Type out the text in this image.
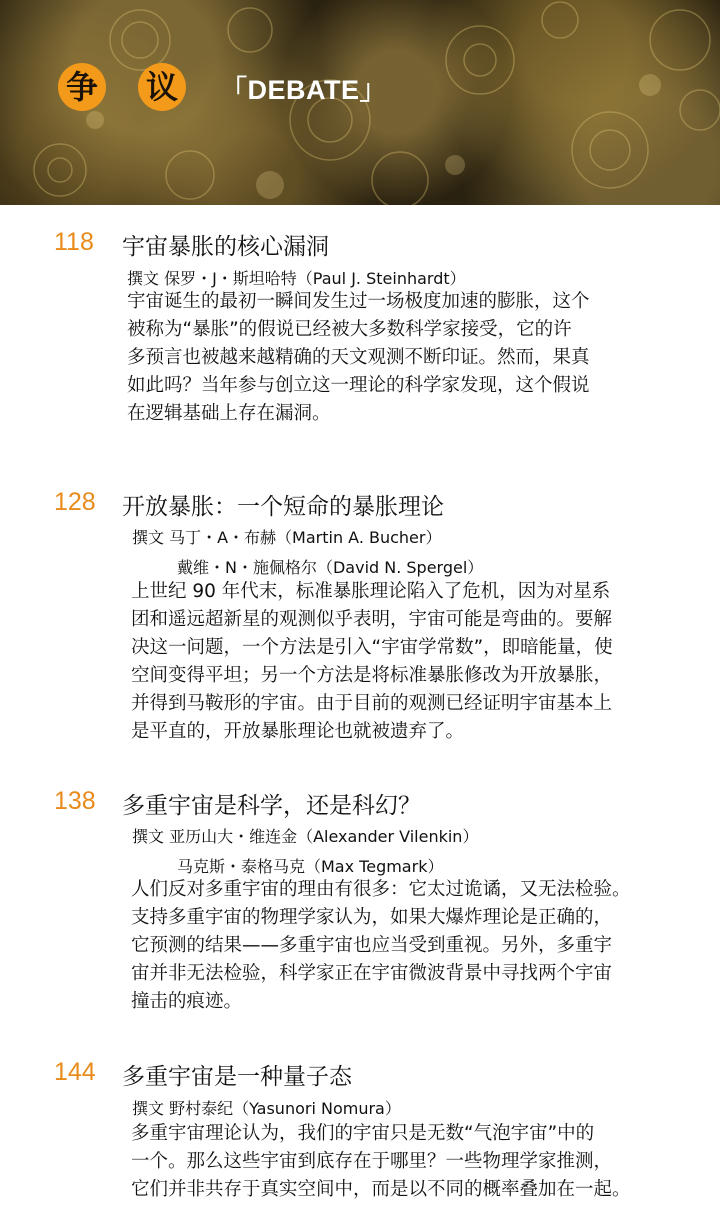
争 议 「DEBATE」
118 宇宙暴胀的核心漏洞
撰文 保罗・J・斯坦哈特（Paul J. Steinhardt）

宇宙诞生的最初一瞬间发生过一场极度加速的膨胀，这个

被称为“暴胀”的假说已经被大多数科学家接受，它的许

多预言也被越来越精确的天文观测不断印证。然而，果真

如此吗？当年参与创立这一理论的科学家发现，这个假说

在逻辑基础上存在漏洞。

128 开放暴胀：一个短命的暴胀理论
撰文 马丁・A・布赫（Martin A. Bucher）
戴维・N・施佩格尔（David N. Spergel）

上世纪 90 年代末，标准暴胀理论陷入了危机，因为对星系

团和遥远超新星的观测似乎表明，宇宙可能是弯曲的。要解

决这一问题，一个方法是引入“宇宙学常数”，即暗能量，使

空间变得平坦；另一个方法是将标准暴胀修改为开放暴胀，

并得到马鞍形的宇宙。由于目前的观测已经证明宇宙基本上

是平直的，开放暴胀理论也就被遗弃了。

138 多重宇宙是科学，还是科幻？
撰文 亚历山大・维连金（Alexander Vilenkin）
马克斯・泰格马克（Max Tegmark）

人们反对多重宇宙的理由有很多：它太过诡谲，又无法检验。

支持多重宇宙的物理学家认为，如果大爆炸理论是正确的，

它预测的结果——多重宇宙也应当受到重视。另外，多重宇

宙并非无法检验，科学家正在宇宙微波背景中寻找两个宇宙

撞击的痕迹。

144 多重宇宙是一种量子态
撰文 野村泰纪（Yasunori Nomura）

多重宇宙理论认为，我们的宇宙只是无数“气泡宇宙”中的

一个。那么这些宇宙到底存在于哪里？一些物理学家推测，

它们并非共存于真实空间中，而是以不同的概率叠加在一起。
